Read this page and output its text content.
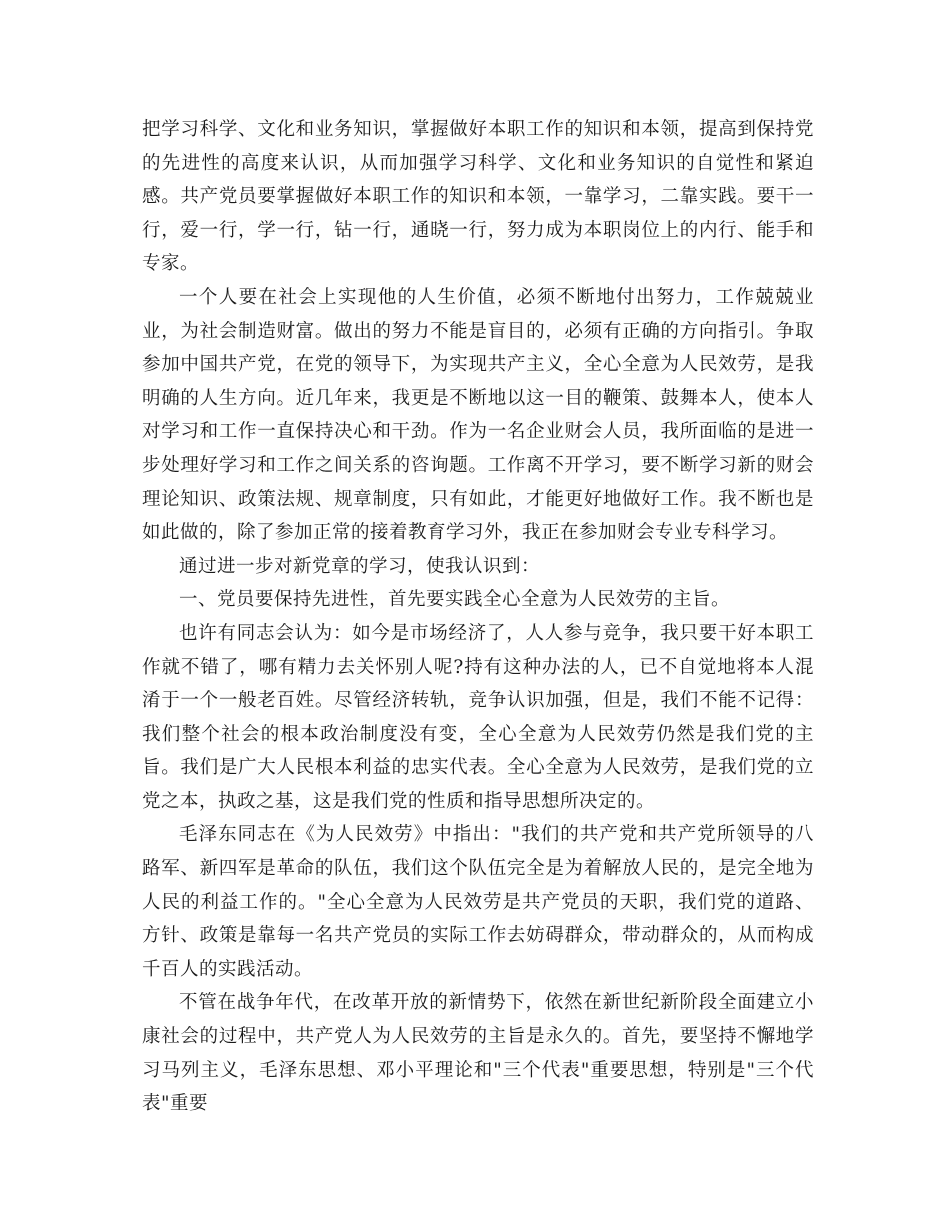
把学习科学、文化和业务知识，掌握做好本职工作的知识和本领，提高到保持党的先进性的高度来认识，从而加强学习科学、文化和业务知识的自觉性和紧迫感。共产党员要掌握做好本职工作的知识和本领，一靠学习，二靠实践。要干一行，爱一行，学一行，钻一行，通晓一行，努力成为本职岗位上的内行、能手和专家。

一个人要在社会上实现他的人生价值，必须不断地付出努力，工作兢兢业业，为社会制造财富。做出的努力不能是盲目的，必须有正确的方向指引。争取参加中国共产党，在党的领导下，为实现共产主义，全心全意为人民效劳，是我明确的人生方向。近几年来，我更是不断地以这一目的鞭策、鼓舞本人，使本人对学习和工作一直保持决心和干劲。作为一名企业财会人员，我所面临的是进一步处理好学习和工作之间关系的咨询题。工作离不开学习，要不断学习新的财会理论知识、政策法规、规章制度，只有如此，才能更好地做好工作。我不断也是如此做的，除了参加正常的接着教育学习外，我正在参加财会专业专科学习。

通过进一步对新党章的学习，使我认识到：

一、党员要保持先进性，首先要实践全心全意为人民效劳的主旨。

也许有同志会认为：如今是市场经济了，人人参与竞争，我只要干好本职工作就不错了，哪有精力去关怀别人呢?持有这种办法的人，已不自觉地将本人混淆于一个一般老百姓。尽管经济转轨，竞争认识加强，但是，我们不能不记得：我们整个社会的根本政治制度没有变，全心全意为人民效劳仍然是我们党的主旨。我们是广大人民根本利益的忠实代表。全心全意为人民效劳，是我们党的立党之本，执政之基，这是我们党的性质和指导思想所决定的。

毛泽东同志在《为人民效劳》中指出："我们的共产党和共产党所领导的八路军、新四军是革命的队伍，我们这个队伍完全是为着解放人民的，是完全地为人民的利益工作的。"全心全意为人民效劳是共产党员的天职，我们党的道路、方针、政策是靠每一名共产党员的实际工作去妨碍群众，带动群众的，从而构成千百人的实践活动。

不管在战争年代，在改革开放的新情势下，依然在新世纪新阶段全面建立小康社会的过程中，共产党人为人民效劳的主旨是永久的。首先，要坚持不懈地学习马列主义，毛泽东思想、邓小平理论和"三个代表"重要思想，特别是"三个代表"重要
